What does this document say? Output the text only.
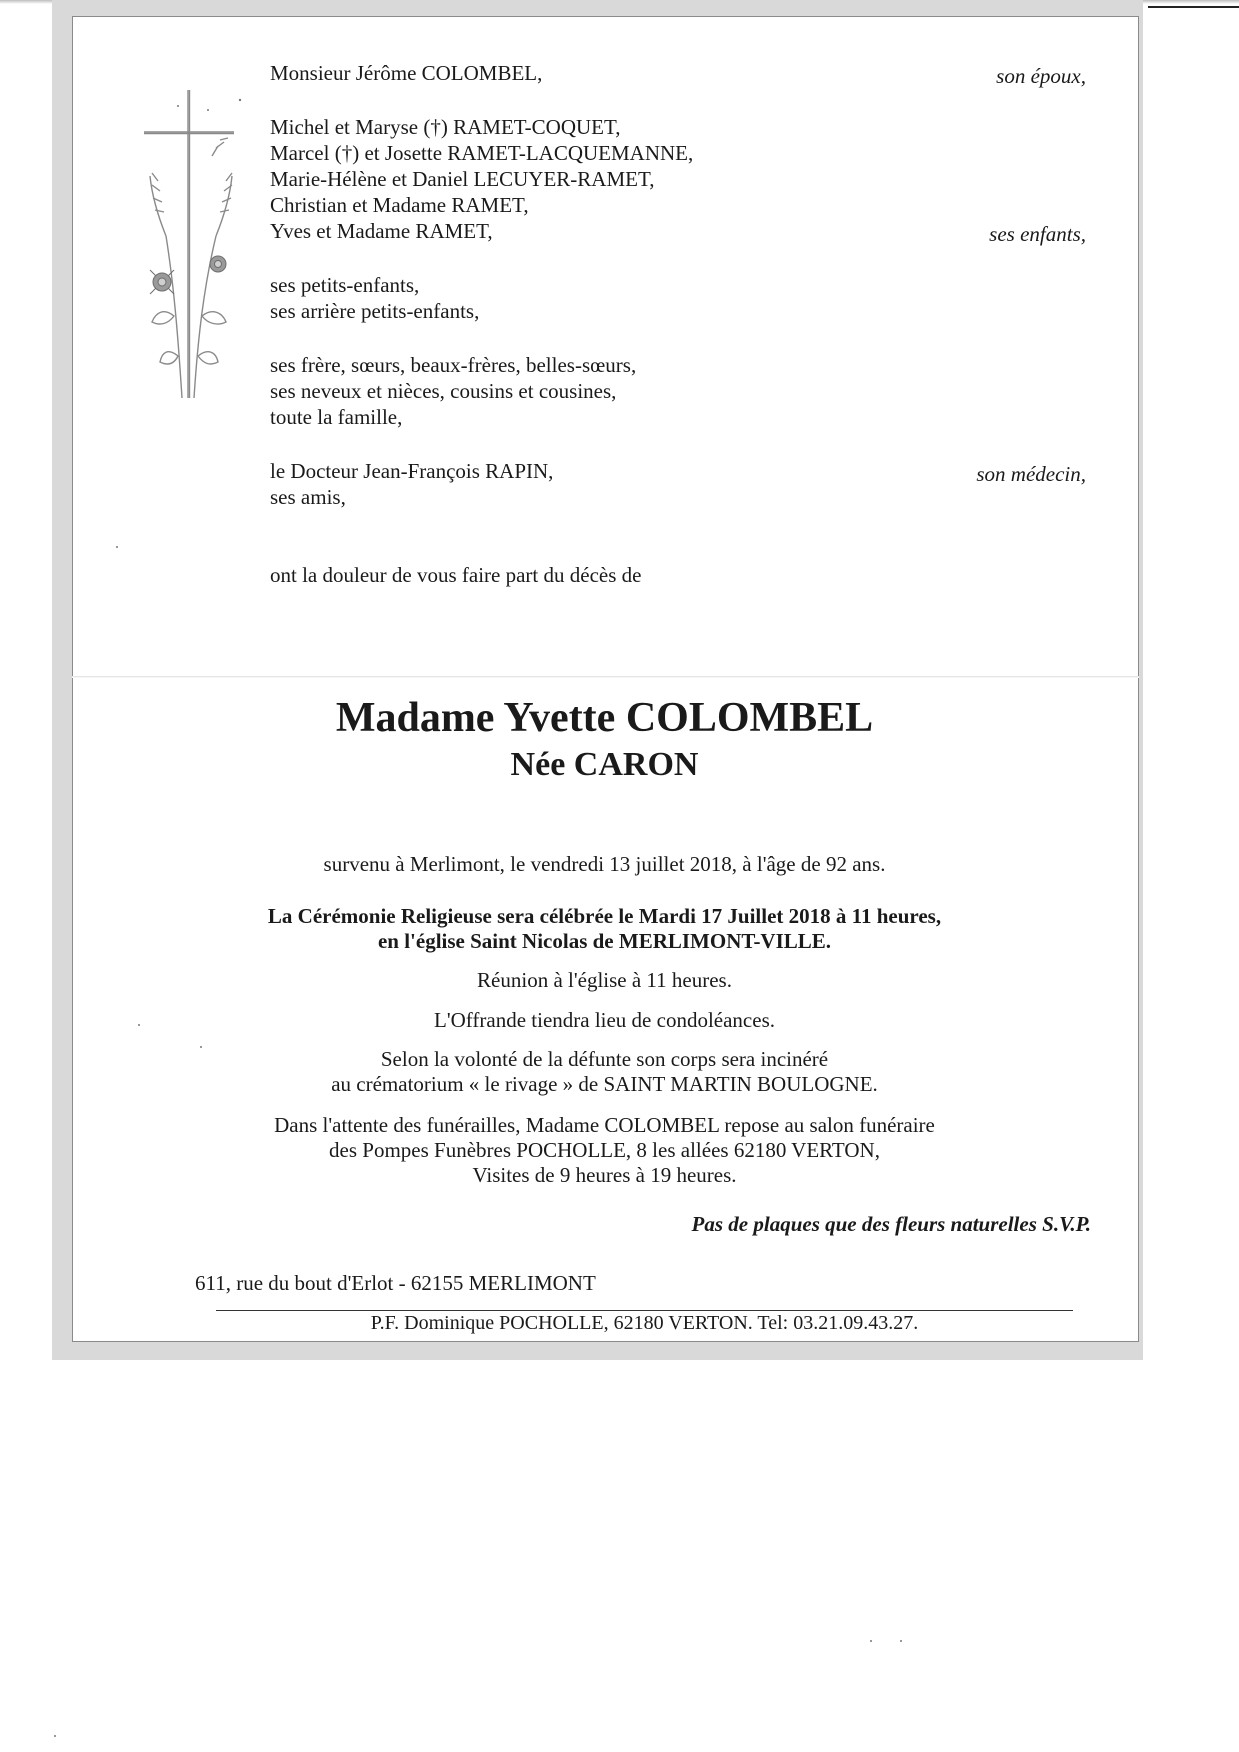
Monsieur Jérôme COLOMBEL,	son époux,
Michel et Maryse (†) RAMET-COQUET,
Marcel (†) et Josette RAMET-LACQUEMANNE,
Marie-Hélène et Daniel LECUYER-RAMET,
Christian et Madame RAMET,
Yves et Madame RAMET,	ses enfants,
ses petits-enfants,
ses arrière petits-enfants,
ses frère, sœurs, beaux-frères, belles-sœurs,
ses neveux et nièces, cousins et cousines,
toute la famille,
le Docteur Jean-François RAPIN,	son médecin,
ses amis,
ont la douleur de vous faire part du décès de
Madame Yvette COLOMBEL
Née CARON
survenu à Merlimont, le vendredi 13 juillet 2018, à l'âge de 92 ans.
La Cérémonie Religieuse sera célébrée le Mardi 17 Juillet 2018 à 11 heures,
en l'église Saint Nicolas de MERLIMONT-VILLE.
Réunion à l'église à 11 heures.
L'Offrande tiendra lieu de condoléances.
Selon la volonté de la défunte son corps sera incinéré
au crématorium « le rivage » de SAINT MARTIN BOULOGNE.
Dans l'attente des funérailles, Madame COLOMBEL repose au salon funéraire
des Pompes Funèbres POCHOLLE, 8 les allées 62180 VERTON,
Visites de 9 heures à 19 heures.
Pas de plaques que des fleurs naturelles S.V.P.
611, rue du bout d'Erlot - 62155 MERLIMONT
P.F. Dominique POCHOLLE, 62180 VERTON. Tel: 03.21.09.43.27.
